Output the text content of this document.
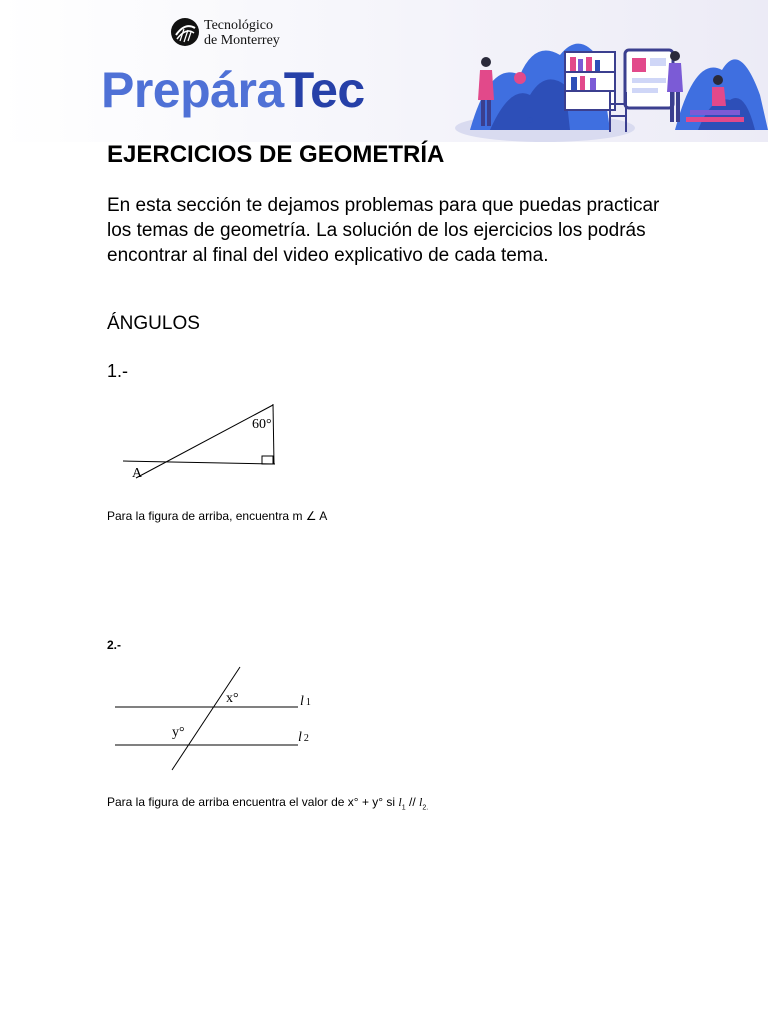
Tecnológico
de Monterrey
PrepáraTec
EJERCICIOS DE GEOMETRÍA
En esta sección te dejamos problemas para que puedas practicar los temas de geometría. La solución de los ejercicios los podrás encontrar al final del video explicativo de cada tema.
ÁNGULOS
1.-
60°
A
Para la figura de arriba, encuentra m ∠ A
2.-
x°
y°
l 1
l 2
Para la figura de arriba encuentra el valor de x° + y° si $l_1 // l_{2.}$
